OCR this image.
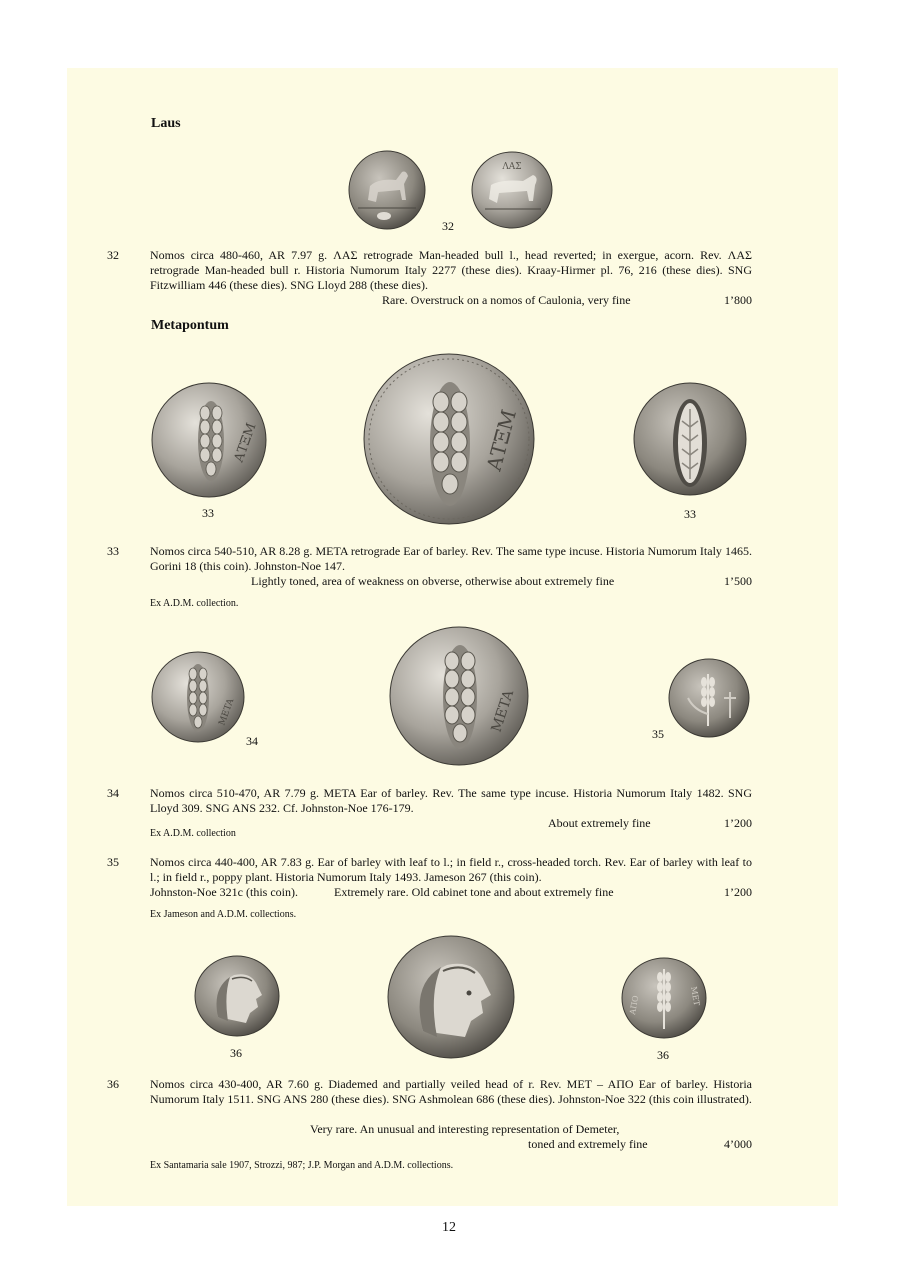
Laus
ΛΑΣ
32
32	Nomos circa 480-460, AR 7.97 g. ΛΑΣ retrograde Man-headed bull l., head reverted; in exergue, acorn. Rev. ΛΑΣ retrograde Man-headed bull r. Historia Numorum Italy 2277 (these dies). Kraay-Hirmer pl. 76, 216 (these dies). SNG Fitzwilliam 446 (these dies). SNG Lloyd 288 (these dies).

Rare. Overstruck on a nomos of Caulonia, very fine	1’800
Metapontum
ΑΤΞΜ	ΑΤΞΜ
33	33
33	Nomos circa 540-510, AR 8.28 g. META retrograde Ear of barley. Rev. The same type incuse. Historia Numorum Italy 1465. Gorini 18 (this coin). Johnston-Noe 147.

Lightly toned, area of weakness on obverse, otherwise about extremely fine	1’500
Ex A.D.M. collection.
META	META
34	35
34	Nomos circa 510-470, AR 7.79 g. META Ear of barley. Rev. The same type incuse. Historia Numorum Italy 1482. SNG Lloyd 309. SNG ANS 232. Cf. Johnston-Noe 176-179.

About extremely fine	1’200
Ex A.D.M. collection
35	Nomos circa 440-400, AR 7.83 g. Ear of barley with leaf to l.; in field r., cross-headed torch. Rev. Ear of barley with leaf to l.; in field r., poppy plant. Historia Numorum Italy 1493. Jameson 267 (this coin).

Johnston-Noe 321c (this coin).	Extremely rare. Old cabinet tone and about extremely fine	1’200
Ex Jameson and A.D.M. collections.
ΑΠΟ	ΜΕΤ
36	36
36	Nomos circa 430-400, AR 7.60 g. Diademed and partially veiled head of r. Rev. MET – AΠO Ear of barley. Historia Numorum Italy 1511. SNG ANS 280 (these dies). SNG Ashmolean 686 (these dies). Johnston-Noe 322 (this coin illustrated).

Very rare. An unusual and interesting representation of Demeter,
toned and extremely fine	4’000
Ex Santamaria sale 1907, Strozzi, 987; J.P. Morgan and A.D.M. collections.
12
